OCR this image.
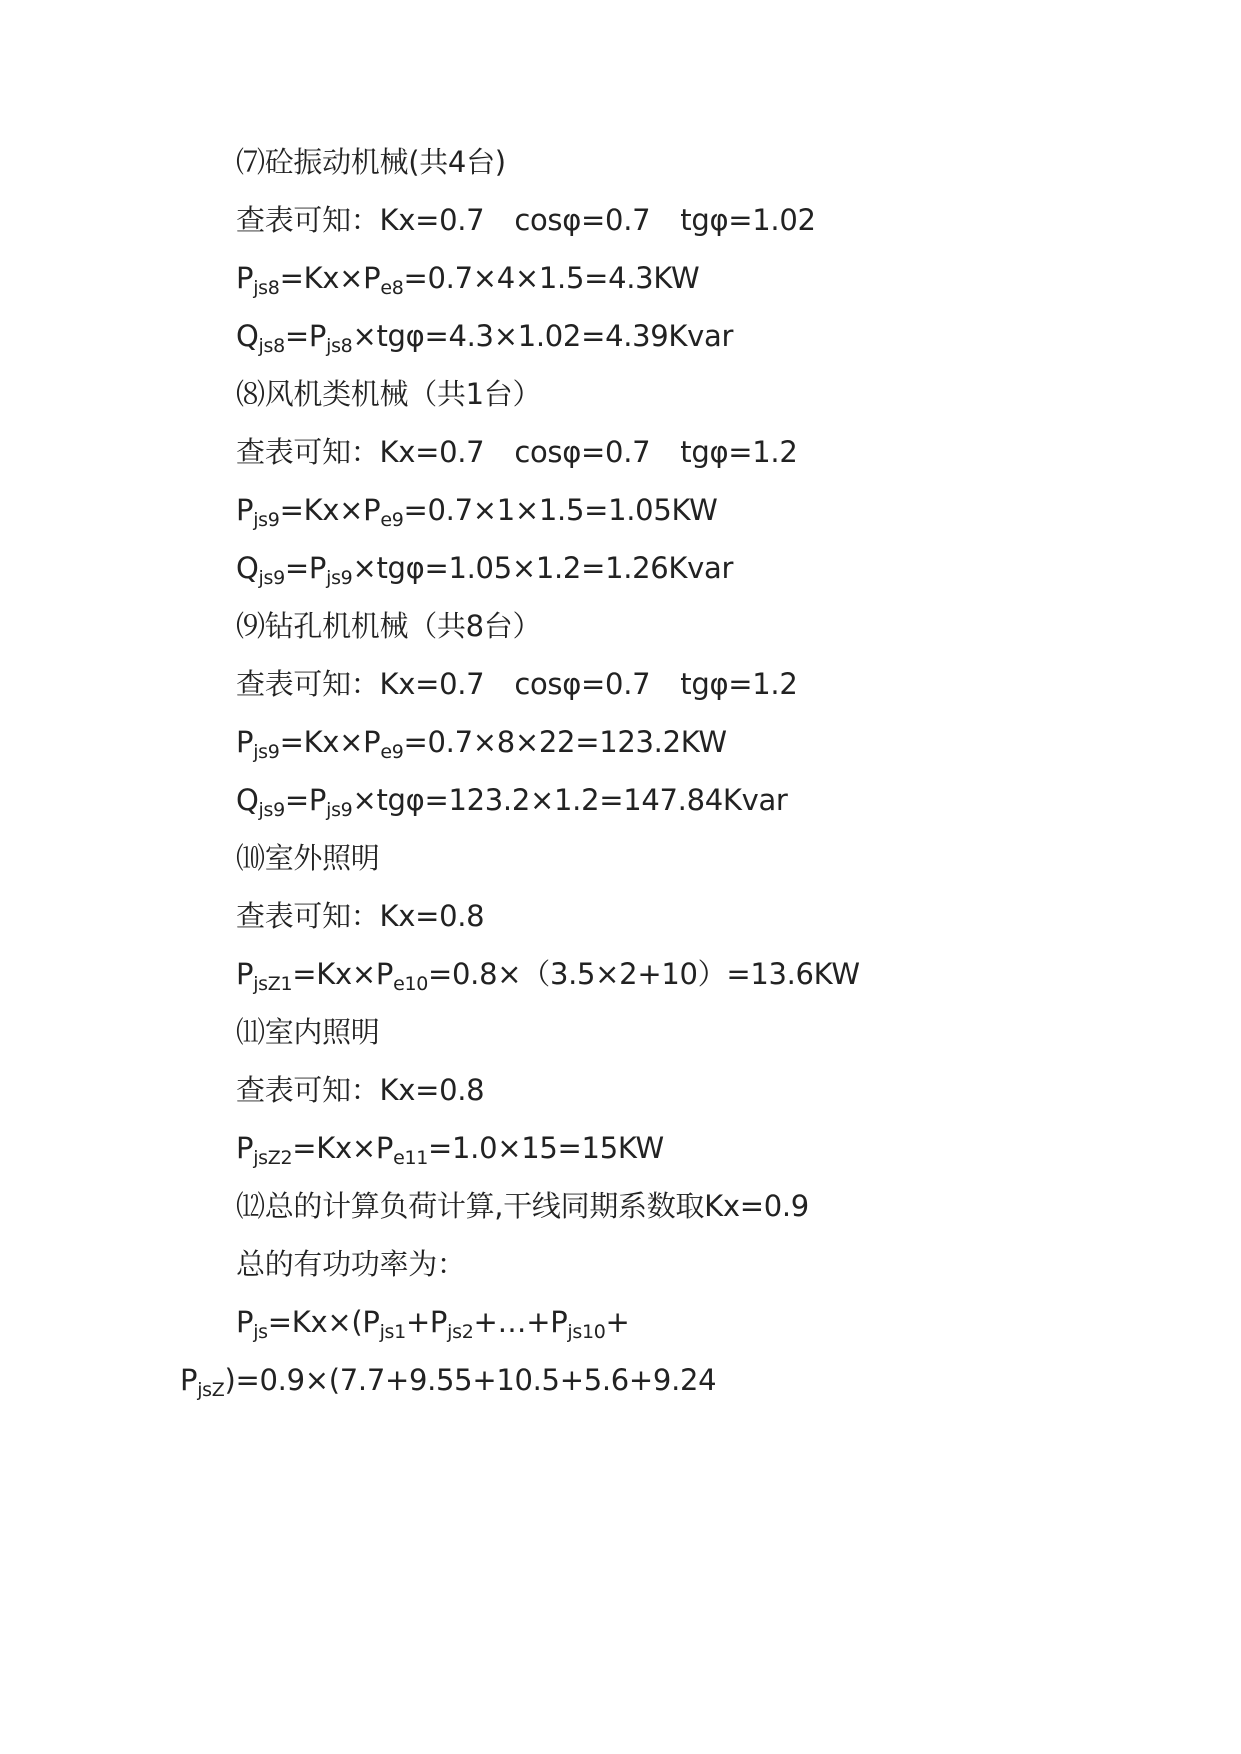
⑺砼振动机械(共4台)
查表可知：Kx=0.7 cosφ=0.7 tgφ=1.02
$P_{js8}=Kx\times P_{e8}=0.7\times 4\times 1.5=4.3KW$
$Q_{js8}=P_{js8}\times tg\varphi=4.3\times 1.02=4.39Kvar$
⑻风机类机械（共1台）
查表可知：Kx=0.7 cosφ=0.7 tgφ=1.2
$P_{js9}=Kx\times P_{e9}=0.7\times 1\times 1.5=1.05KW$
$Q_{js9}=P_{js9}\times tg\varphi=1.05\times 1.2=1.26Kvar$
⑼钻孔机机械（共8台）
查表可知：Kx=0.7 cosφ=0.7 tgφ=1.2
$P_{js9}=Kx\times P_{e9}=0.7\times 8\times 22=123.2KW$
$Q_{js9}=P_{js9}\times tg\varphi=123.2\times 1.2=147.84Kvar$
⑽室外照明
查表可知：Kx=0.8
$P_{jsZ1}=Kx\times P_{e10}=0.8\times(3.5\times 2+10)=13.6KW$
⑾室内照明
查表可知：Kx=0.8
$P_{jsZ2}=Kx\times P_{e11}=1.0\times 15=15KW$
⑿总的计算负荷计算,干线同期系数取Kx=0.9
总的有功功率为：
$P_{js}=Kx\times(P_{js1}+P_{js2}+\dots+P_{js10}+$
$P_{jsZ})=0.9\times(7.7+9.55+10.5+5.6+9.24$
